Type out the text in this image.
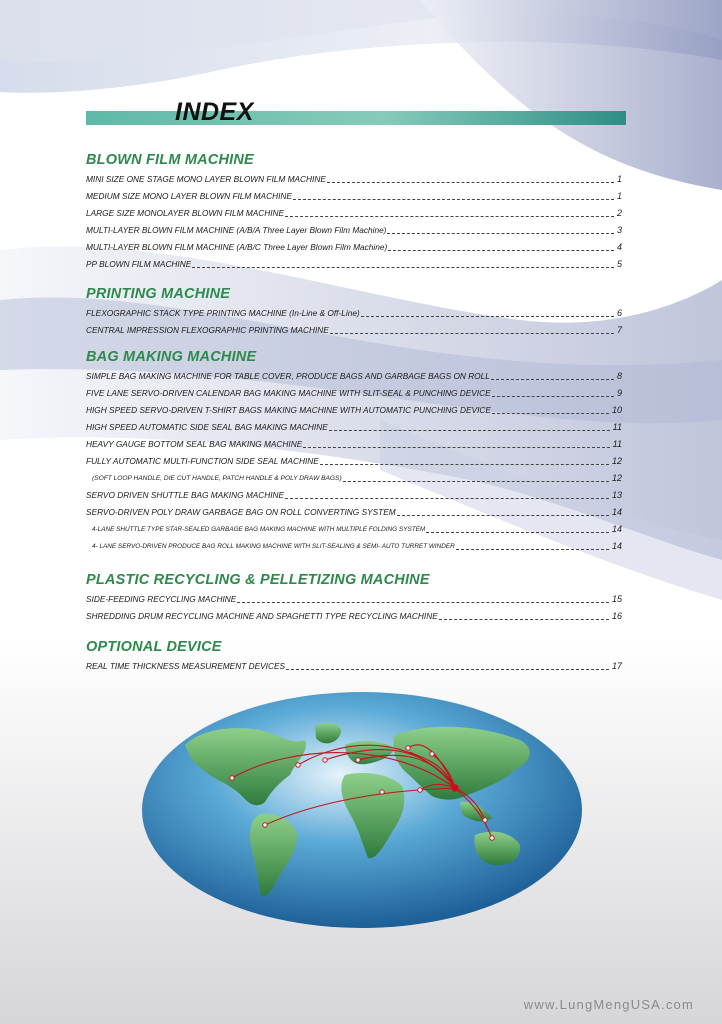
INDEX
BLOWN FILM MACHINE
MINI SIZE ONE STAGE MONO LAYER BLOWN FILM MACHINE	1
MEDIUM SIZE MONO LAYER BLOWN FILM MACHINE	1
LARGE SIZE MONOLAYER BLOWN FILM MACHINE	2
MULTI-LAYER BLOWN FILM MACHINE (A/B/A Three Layer Blown Film Machine)	3
MULTI-LAYER BLOWN FILM MACHINE (A/B/C Three Layer Blown Film Machine)	4
PP BLOWN FILM MACHINE	5
PRINTING MACHINE
FLEXOGRAPHIC STACK TYPE PRINTING MACHINE (In-Line & Off-Line)	6
CENTRAL IMPRESSION FLEXOGRAPHIC PRINTING MACHINE	7
BAG MAKING MACHINE
SIMPLE BAG MAKING MACHINE FOR TABLE COVER, PRODUCE BAGS AND GARBAGE BAGS ON ROLL	8
FIVE LANE SERVO-DRIVEN CALENDAR BAG MAKING MACHINE WITH SLIT-SEAL & PUNCHING DEVICE	9
HIGH SPEED SERVO-DRIVEN T-SHIRT BAGS MAKING MACHINE WITH AUTOMATIC PUNCHING DEVICE	10
HIGH SPEED AUTOMATIC SIDE SEAL BAG MAKING MACHINE	11
HEAVY GAUGE BOTTOM SEAL BAG MAKING MACHINE	11
FULLY AUTOMATIC MULTI-FUNCTION SIDE SEAL MACHINE	12
(SOFT LOOP HANDLE, DIE CUT HANDLE, PATCH HANDLE & POLY DRAW BAGS)	12
SERVO DRIVEN SHUTTLE BAG MAKING MACHINE	13
SERVO-DRIVEN POLY DRAW GARBAGE BAG ON ROLL CONVERTING SYSTEM	14
4-LANE SHUTTLE TYPE STAR-SEALED GARBAGE BAG MAKING MACHINE WITH MULTIPLE FOLDING SYSTEM	14
4- LANE SERVO-DRIVEN PRODUCE BAG ROLL MAKING MACHINE WITH SLIT-SEALING & SEMI- AUTO TURRET WINDER	14
PLASTIC RECYCLING & PELLETIZING MACHINE
SIDE-FEEDING RECYCLING MACHINE	15
SHREDDING DRUM RECYCLING MACHINE AND SPAGHETTI TYPE RECYCLING MACHINE	16
OPTIONAL DEVICE
REAL TIME THICKNESS MEASUREMENT DEVICES	17
www.LungMengUSA.com
